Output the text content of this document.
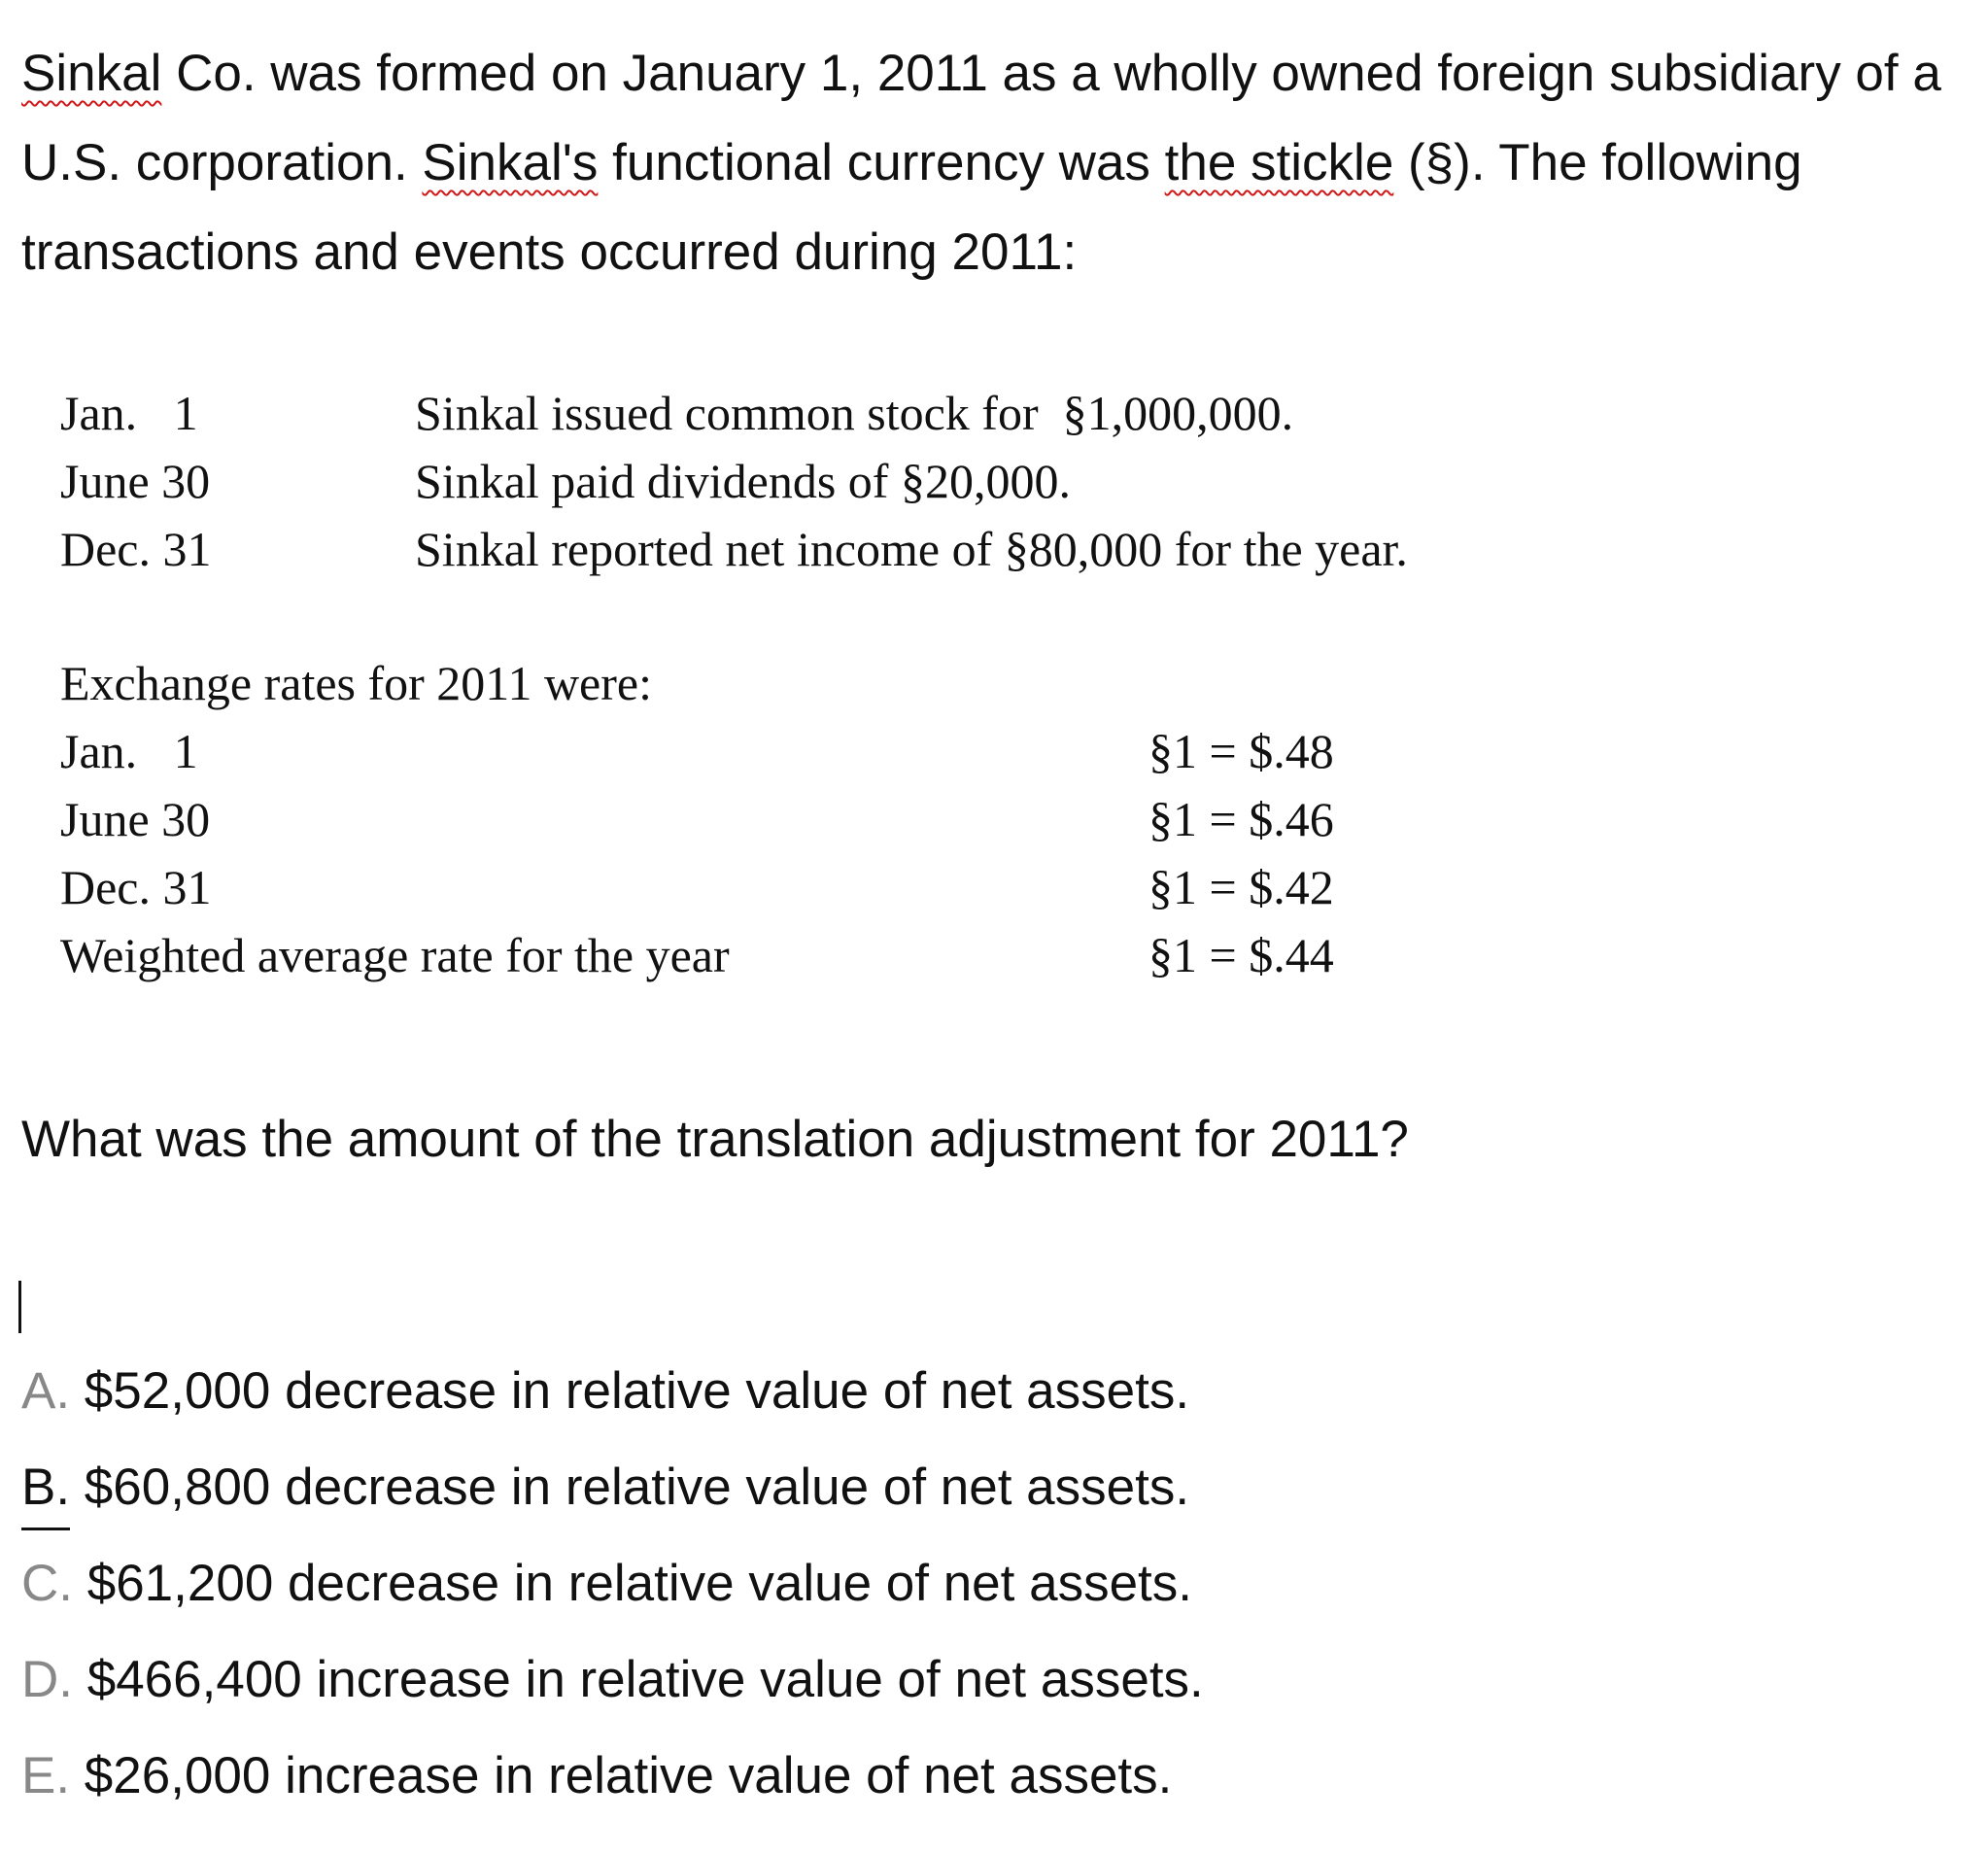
Sinkal Co. was formed on January 1, 2011 as a wholly owned foreign subsidiary of a U.S. corporation. Sinkal's functional currency was the stickle (§). The following transactions and events occurred during 2011:

Jan.   1	Sinkal issued common stock for  §1,000,000.
June 30	Sinkal paid dividends of §20,000.
Dec. 31	Sinkal reported net income of §80,000 for the year.
Exchange rates for 2011 were:
Jan.   1	§1 = $.48
June 30	§1 = $.46
Dec. 31	§1 = $.42
Weighted average rate for the year	§1 = $.44
What was the amount of the translation adjustment for 2011?
A. $52,000 decrease in relative value of net assets.
B. $60,800 decrease in relative value of net assets.
C. $61,200 decrease in relative value of net assets.
D. $466,400 increase in relative value of net assets.
E. $26,000 increase in relative value of net assets.
